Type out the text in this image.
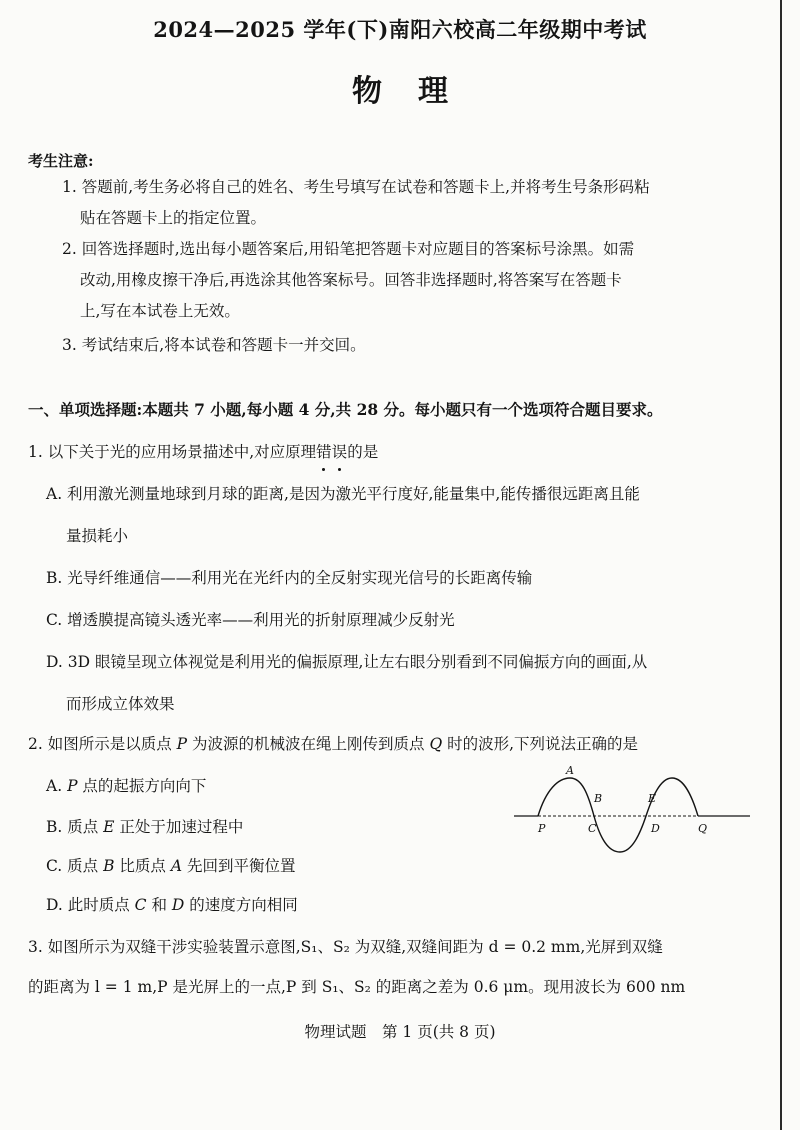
2024—2025 学年(下)南阳六校高二年级期中考试
物理
考生注意:
1. 答题前,考生务必将自己的姓名、考生号填写在试卷和答题卡上,并将考生号条形码粘
贴在答题卡上的指定位置。
2. 回答选择题时,选出每小题答案后,用铅笔把答题卡对应题目的答案标号涂黑。如需
改动,用橡皮擦干净后,再选涂其他答案标号。回答非选择题时,将答案写在答题卡
上,写在本试卷上无效。
3. 考试结束后,将本试卷和答题卡一并交回。
一、单项选择题:本题共 7 小题,每小题 4 分,共 28 分。每小题只有一个选项符合题目要求。
1. 以下关于光的应用场景描述中,对应原理错误的是
A. 利用激光测量地球到月球的距离,是因为激光平行度好,能量集中,能传播很远距离且能
量损耗小
B. 光导纤维通信——利用光在光纤内的全反射实现光信号的长距离传输
C. 增透膜提高镜头透光率——利用光的折射原理减少反射光
D. 3D 眼镜呈现立体视觉是利用光的偏振原理,让左右眼分别看到不同偏振方向的画面,从
而形成立体效果
2. 如图所示是以质点 P 为波源的机械波在绳上刚传到质点 Q 时的波形,下列说法正确的是
A. P 点的起振方向向下
B. 质点 E 正处于加速过程中
C. 质点 B 比质点 A 先回到平衡位置
D. 此时质点 C 和 D 的速度方向相同
A
B
P	C	D
E
Q
3. 如图所示为双缝干涉实验装置示意图,S₁、S₂ 为双缝,双缝间距为 d = 0.2 mm,光屏到双缝
的距离为 l = 1 m,P 是光屏上的一点,P 到 S₁、S₂ 的距离之差为 0.6 μm。现用波长为 600 nm
物理试题　第 1 页(共 8 页)
